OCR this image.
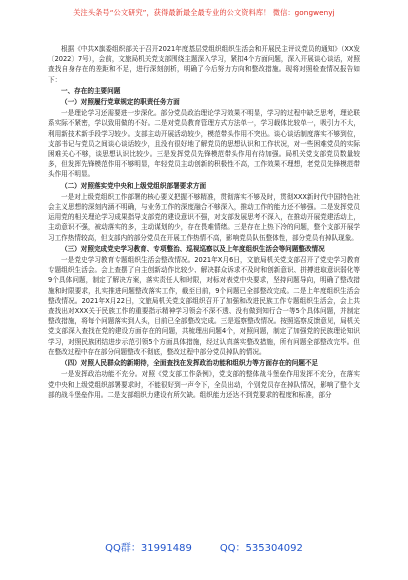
关注头条号“公文研究”，获得最新最全最专业的公文资料库！ 微信：gongwenyj

根据《中共X旗委组织部关于召开2021年度基层党组织组织生活会和开展民主评议党员的通知》（XX发〔2022〕7号），会前，文旅局机关党支部围绕主题深入学习，紧扣4个方面问题，深入开展谈心谈话，对照查找自身存在的差距和不足，进行深刻剖析，明确了今后努力方向和整改措施。现将对照检查情况报告如下：

一、存在的主要问题

（一）对照履行党章规定的职责任务方面

一是理论学习还需要进一步深化。部分党员政治理论学习效果不明显，学习的过程中缺乏思考，理论联系实际不紧密，学以致用做的不好。二是对党员教育管理方式方法单一，学习载体比较单一，吸引力不大，利用新技术新手段学习较少。支部主动开展活动较少，模范带头作用不突出。谈心谈话制度落实不够到位，支部书记与党员之间谈心谈话较少，且没有很好地了解党员的思想认识和工作状况，对一些困难党员的实际困难关心不够，谈思想认识比较少。三是发挥党员先锋模范带头作用有待加强。局机关党支部党员数量较多，但发挥先锋模范作用不够明显，年轻党员主动创新的积极性不高，工作效果不理想，老党员先锋模范带头作用不明显。

（二）对照落实党中央和上级党组织部署要求方面

一是对上级党组织工作部署的核心要义把握不够精准，贯彻落实不够及时，贯彻XXX新时代中国特色社会主义思想的深刻内涵不明确，与业务工作的深度融合不够深入，推动工作的能力还不够强。二是发挥党员运用党的相关理论学习成果指导支部党的建设意识不强，对支部发展思考不深入，在推动开展党建活动上，主动意识不强，被动落实的多，主动谋划的少，存在畏难情绪。三是存在上热下冷的问题，整个支部开展学习工作热情较高，但支部内的部分党员在开展工作热情不高，影响党员队伍整体性，部分党员有掉队现象。

（三）对照完成党史学习教育、专项整治、巡视巡察以及上年度组织生活会等问题整改情况

一是党史学习教育专题组织生活会整改情况。2021年X月6日，文旅局机关党支部召开了党史学习教育专题组织生活会。会上查摆了自主创新动作比较少、解决群众诉求不及时和创新意识、拼搏进取意识弱化等9个具体问题，制定了解决方案，落实责任人和时限，对标对表党中央要求，坚持问题导向，明确了整改措施和时限要求，扎实推进问题整改落实工作，截至目前，9个问题已全部整改完成。二是上年度组织生活会整改情况。2021年X月22日，文旅局机关党支部组织召开了加强和改进民族工作专题组织生活会，会上共查找出对XXX关于民族工作的重要指示精神学习领会不深不透、没有做到知行合一等5个具体问题，并制定整改措施，将每个问题落实到人头，目前已全部整改完成。三是巡察整改情况。按照巡察反馈意见，局机关党支部深入查找在党的建设方面存在的问题，共梳理出问题4个，对照问题，制定了加强党的民族理论知识学习，对照民族团结进步示范引领5个方面具体措施，经过认真落实整改措施，所有问题全部整改完毕。但在整改过程中存在部分问题整改不彻底，整改过程中部分党员掉队的情况。

（四）对照人民群众的新期待，全面查找在发挥政治功能和组织力等方面存在的问题不足

一是发挥政治功能不充分。对照《党支部工作条例》，党支部的整体战斗堡垒作用发挥不充分，在落实党中央和上级党组织部署要求时，不能很好到一声令下，全员出动，个别党员存在掉队情况，影响了整个支部的战斗堡垒作用。二是支部组织力建设有所欠缺。组织能力还达不到党要求的程度和标准，部分

QQ群：31991489	QQ：535304092
